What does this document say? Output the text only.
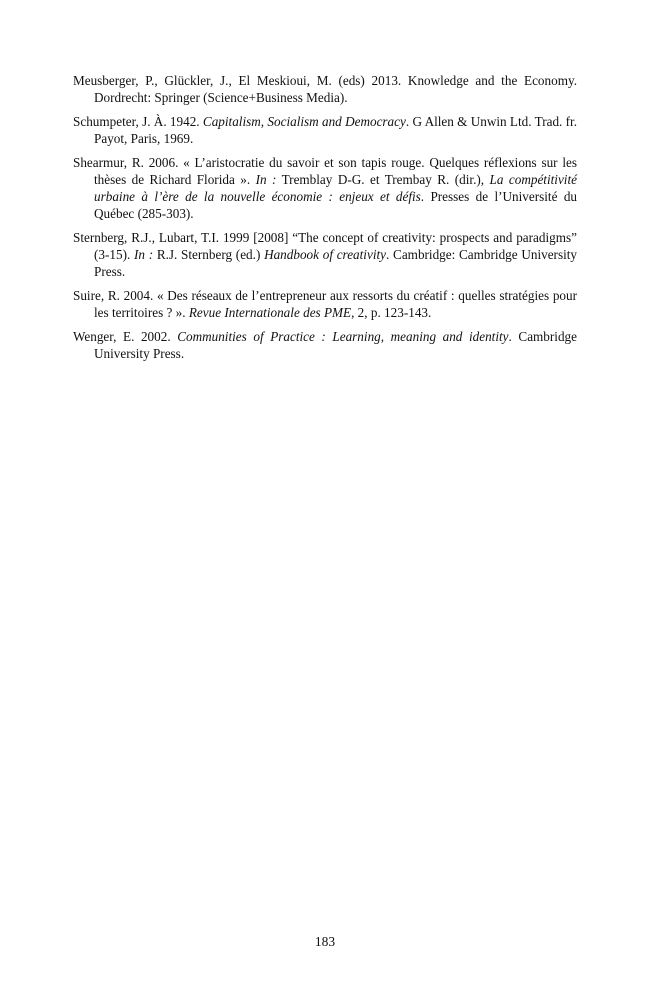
Meusberger, P., Glückler, J., El Meskioui, M. (eds) 2013. Knowledge and the Economy. Dordrecht: Springer (Science+Business Media).

Schumpeter, J. À. 1942. Capitalism, Socialism and Democracy. G Allen & Unwin Ltd. Trad. fr. Payot, Paris, 1969.

Shearmur, R. 2006. « L’aristocratie du savoir et son tapis rouge. Quelques réflexions sur les thèses de Richard Florida ». In : Tremblay D-G. et Trembay R. (dir.), La compétitivité urbaine à l’ère de la nouvelle économie : enjeux et défis. Presses de l’Université du Québec (285-303).

Sternberg, R.J., Lubart, T.I. 1999 [2008] “The concept of creativity: prospects and paradigms” (3-15). In : R.J. Sternberg (ed.) Handbook of creativity. Cambridge: Cambridge University Press.

Suire, R. 2004. « Des réseaux de l’entrepreneur aux ressorts du créatif : quelles stratégies pour les territoires ? ». Revue Internationale des PME, 2, p. 123-143.

Wenger, E. 2002. Communities of Practice : Learning, meaning and identity. Cambridge University Press.

183
